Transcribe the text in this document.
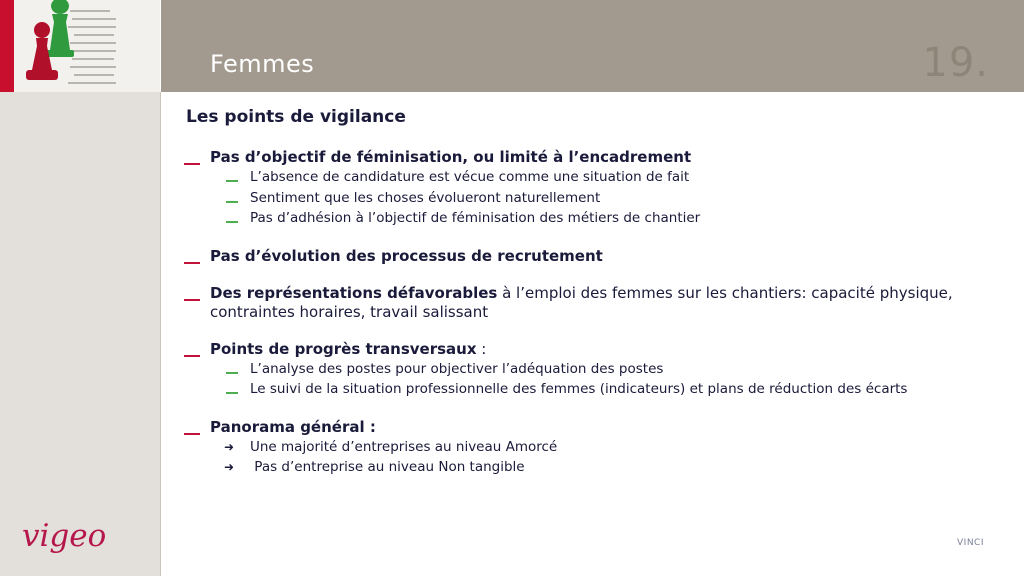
Femmes	19.
Les points de vigilance
Pas d’objectif de féminisation, ou limité à l’encadrement
L’absence de candidature est vécue comme une situation de fait
Sentiment que les choses évolueront naturellement
Pas d’adhésion à l’objectif de féminisation des métiers de chantier
Pas d’évolution des processus de recrutement
Des représentations défavorables à l’emploi des femmes sur les chantiers: capacité physique, contraintes horaires, travail salissant
Points de progrès transversaux :
L’analyse des postes pour objectiver l’adéquation des postes
Le suivi de la situation professionnelle des femmes (indicateurs) et plans de réduction des écarts
Panorama général :
➜ Une majorité d’entreprises au niveau Amorcé
➜ Pas d’entreprise au niveau Non tangible
vigeo	VINCI
